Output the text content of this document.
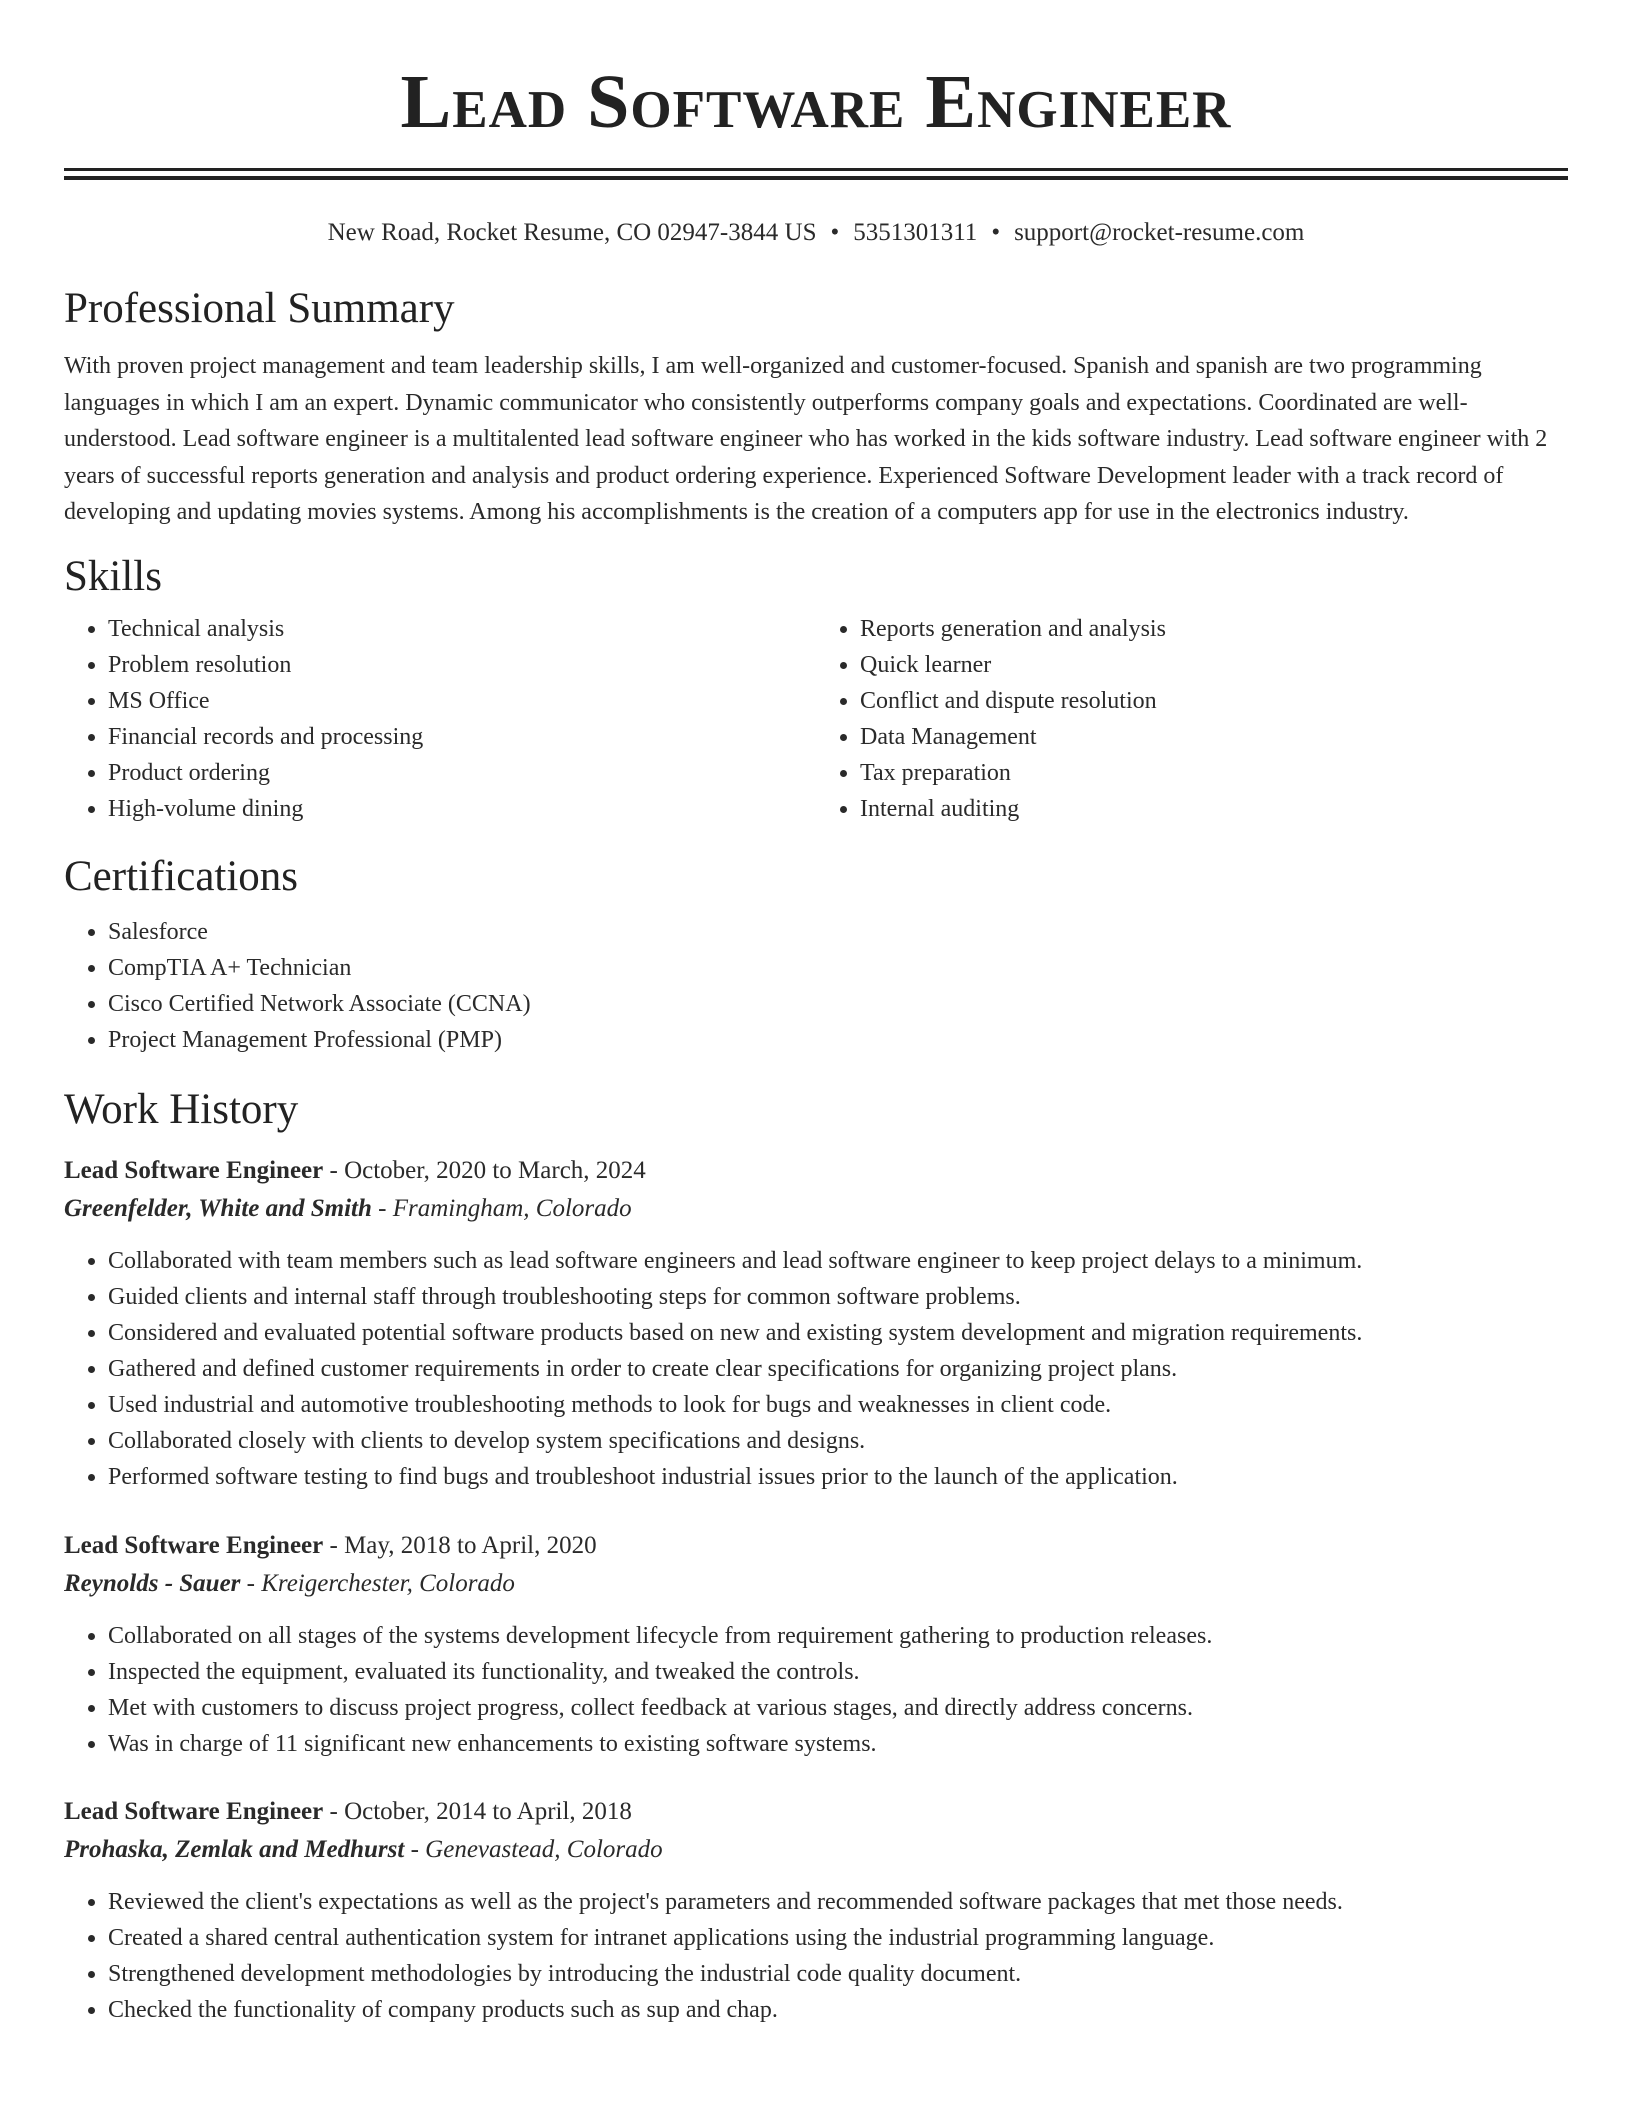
Lead Software Engineer
New Road, Rocket Resume, CO 02947-3844 US • 5351301311 • support@rocket-resume.com
Professional Summary

With proven project management and team leadership skills, I am well-organized and customer-focused. Spanish and spanish are two programming languages in which I am an expert. Dynamic communicator who consistently outperforms company goals and expectations. Coordinated are well-understood. Lead software engineer is a multitalented lead software engineer who has worked in the kids software industry. Lead software engineer with 2 years of successful reports generation and analysis and product ordering experience. Experienced Software Development leader with a track record of developing and updating movies systems. Among his accomplishments is the creation of a computers app for use in the electronics industry.

Skills
• Technical analysis
• Problem resolution
• MS Office
• Financial records and processing
• Product ordering
• High-volume dining
• Reports generation and analysis
• Quick learner
• Conflict and dispute resolution
• Data Management
• Tax preparation
• Internal auditing
Certifications
• Salesforce
• CompTIA A+ Technician
• Cisco Certified Network Associate (CCNA)
• Project Management Professional (PMP)
Work History
Lead Software Engineer - October, 2020 to March, 2024
Greenfelder, White and Smith - Framingham, Colorado
• Collaborated with team members such as lead software engineers and lead software engineer to keep project delays to a minimum.
• Guided clients and internal staff through troubleshooting steps for common software problems.
• Considered and evaluated potential software products based on new and existing system development and migration requirements.
• Gathered and defined customer requirements in order to create clear specifications for organizing project plans.
• Used industrial and automotive troubleshooting methods to look for bugs and weaknesses in client code.
• Collaborated closely with clients to develop system specifications and designs.
• Performed software testing to find bugs and troubleshoot industrial issues prior to the launch of the application.
Lead Software Engineer - May, 2018 to April, 2020
Reynolds - Sauer - Kreigerchester, Colorado
• Collaborated on all stages of the systems development lifecycle from requirement gathering to production releases.
• Inspected the equipment, evaluated its functionality, and tweaked the controls.
• Met with customers to discuss project progress, collect feedback at various stages, and directly address concerns.
• Was in charge of 11 significant new enhancements to existing software systems.
Lead Software Engineer - October, 2014 to April, 2018
Prohaska, Zemlak and Medhurst - Genevastead, Colorado
• Reviewed the client's expectations as well as the project's parameters and recommended software packages that met those needs.
• Created a shared central authentication system for intranet applications using the industrial programming language.
• Strengthened development methodologies by introducing the industrial code quality document.
• Checked the functionality of company products such as sup and chap.
